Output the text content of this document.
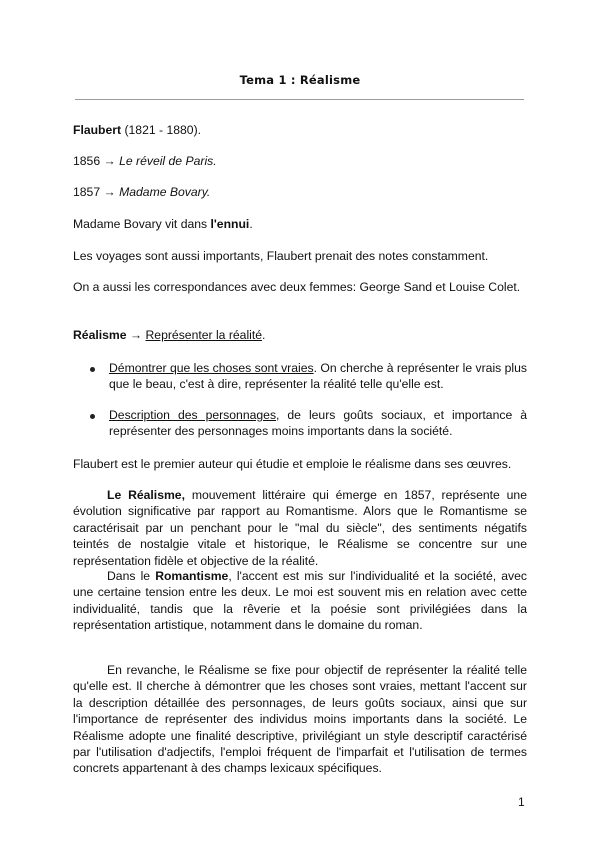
Tema 1 : Réalisme
Flaubert (1821 - 1880).
1856 → Le réveil de Paris.
1857 → Madame Bovary.
Madame Bovary vit dans l'ennui.
Les voyages sont aussi importants, Flaubert prenait des notes constamment.
On a aussi les correspondances avec deux femmes: George Sand et Louise Colet.
Réalisme → Représenter la réalité.

Démontrer que les choses sont vraies. On cherche à représenter le vrais plus que le beau, c'est à dire, représenter la réalité telle qu'elle est.

Description des personnages, de leurs goûts sociaux, et importance à représenter des personnages moins importants dans la société.

Flaubert est le premier auteur qui étudie et emploie le réalisme dans ses œuvres.

Le Réalisme, mouvement littéraire qui émerge en 1857, représente une évolution significative par rapport au Romantisme. Alors que le Romantisme se caractérisait par un penchant pour le "mal du siècle", des sentiments négatifs teintés de nostalgie vitale et historique, le Réalisme se concentre sur une représentation fidèle et objective de la réalité.

Dans le Romantisme, l'accent est mis sur l'individualité et la société, avec une certaine tension entre les deux. Le moi est souvent mis en relation avec cette individualité, tandis que la rêverie et la poésie sont privilégiées dans la représentation artistique, notamment dans le domaine du roman.

En revanche, le Réalisme se fixe pour objectif de représenter la réalité telle qu'elle est. Il cherche à démontrer que les choses sont vraies, mettant l'accent sur la description détaillée des personnages, de leurs goûts sociaux, ainsi que sur l'importance de représenter des individus moins importants dans la société. Le Réalisme adopte une finalité descriptive, privilégiant un style descriptif caractérisé par l'utilisation d'adjectifs, l'emploi fréquent de l'imparfait et l'utilisation de termes concrets appartenant à des champs lexicaux spécifiques.

1
